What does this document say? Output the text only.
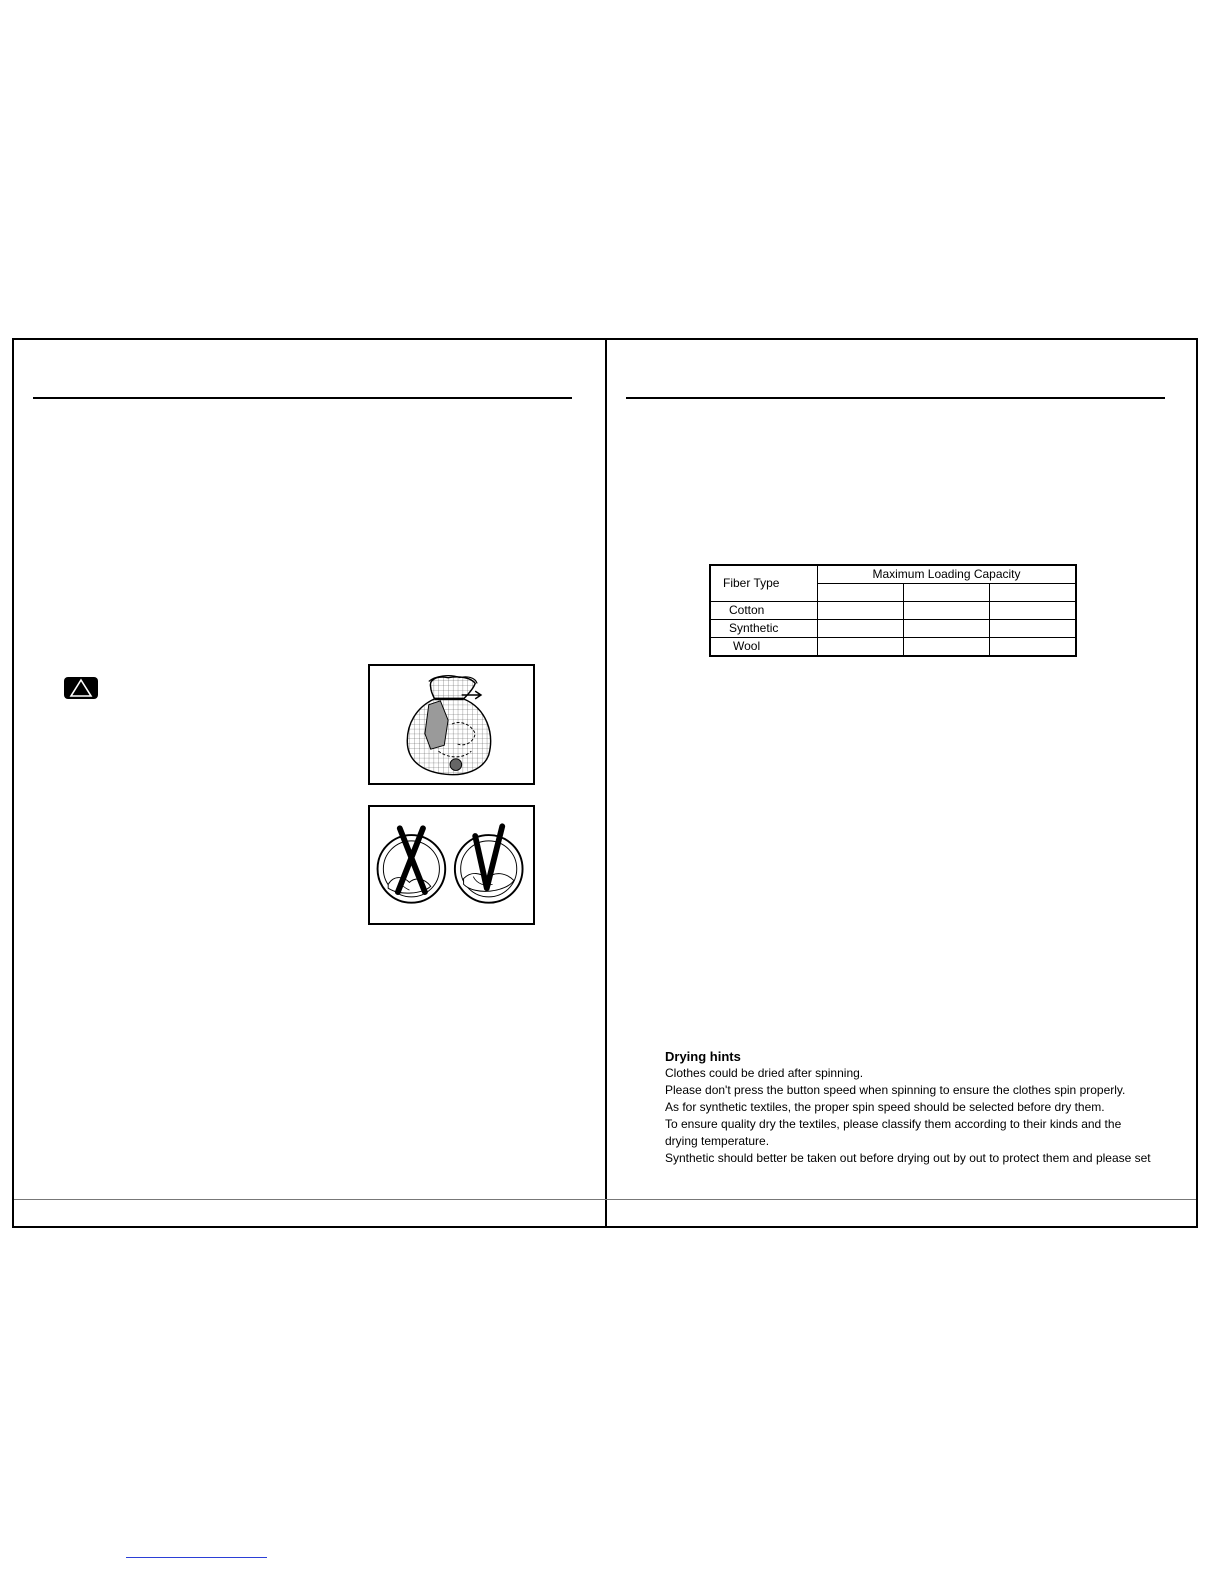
Fiber Type	Maximum Loading Capacity		

Cotton			
Synthetic			
Wool			

Drying hints

Clothes could be dried after spinning.

Please don't press the button speed when spinning to ensure the clothes spin properly.

As for synthetic textiles, the proper spin speed should be selected before dry them.

To ensure quality dry the textiles, please classify them according to their kinds and the

drying temperature.

Synthetic should better be taken out before drying out by out to protect them and please set
